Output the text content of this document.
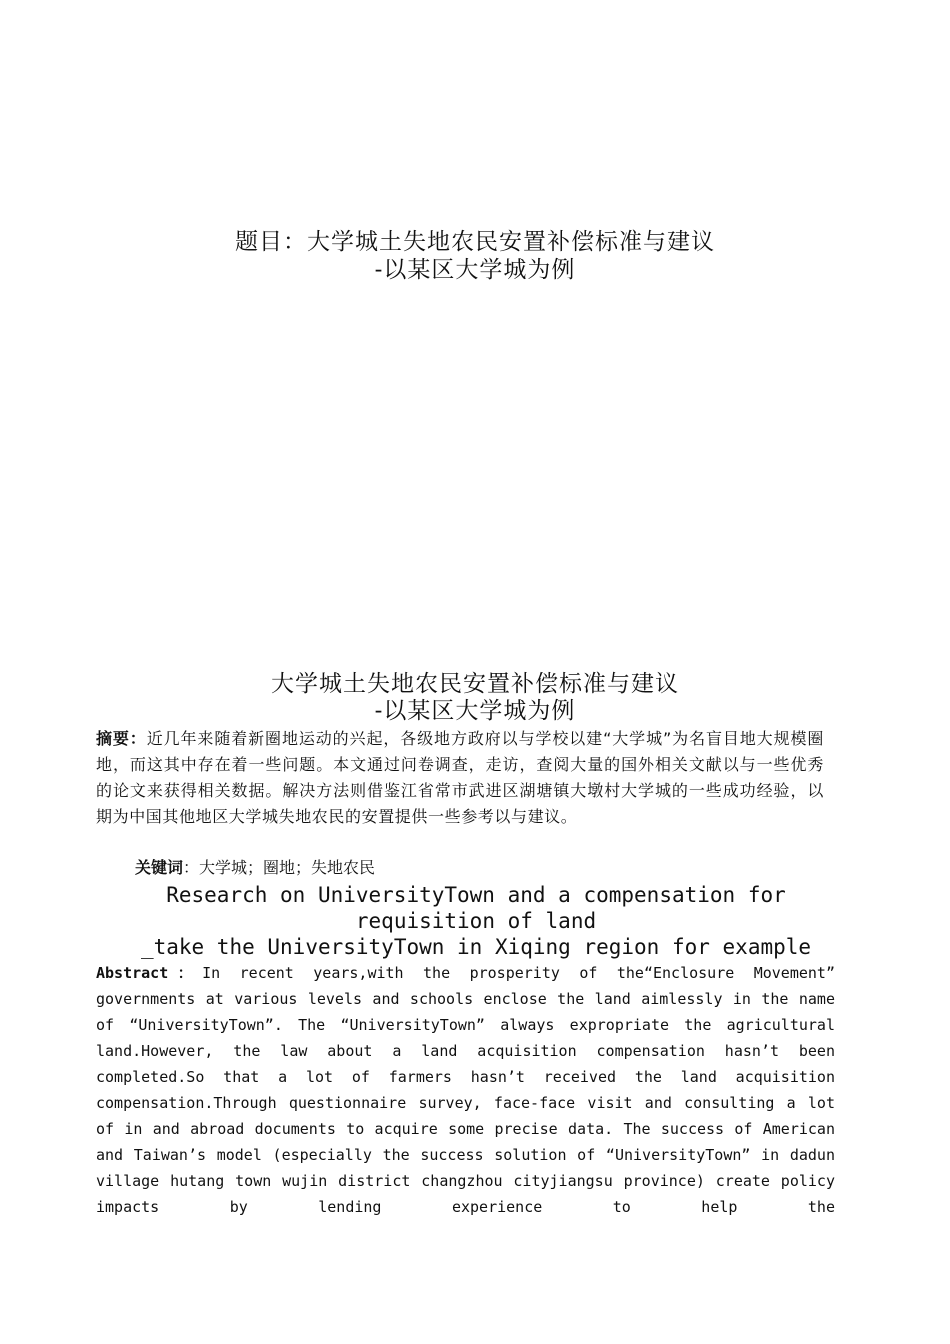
题目：大学城土失地农民安置补偿标准与建议
-以某区大学城为例
大学城土失地农民安置补偿标准与建议
-以某区大学城为例
摘要：近几年来随着新圈地运动的兴起，各级地方政府以与学校以建“大学城”为名盲目地大规模圈地，而这其中存在着一些问题。本文通过问卷调查，走访，查阅大量的国外相关文献以与一些优秀的论文来获得相关数据。解决方法则借鉴江省常市武进区湖塘镇大墩村大学城的一些成功经验，以期为中国其他地区大学城失地农民的安置提供一些参考以与建议。
关键词：大学城；圈地；失地农民
Research on UniversityTown and a compensation for
requisition of land
_take the UniversityTown in Xiqing region for example
Abstract：In recent years,with the prosperity of the“Enclosure Movement” governments at various levels and schools enclose the land aimlessly in the name of “UniversityTown”. The “UniversityTown” always expropriate the agricultural land.However, the law about a land acquisition compensation hasn’t been completed.So that a lot of farmers hasn’t received the land acquisition compensation.Through questionnaire survey, face-face visit and consulting a lot of in and abroad documents to acquire some precise data. The success of American and Taiwan’s model (especially the success solution of “UniversityTown” in dadun village hutang town wujin district changzhou cityjiangsu province) create policy impacts by lending experience to help the
